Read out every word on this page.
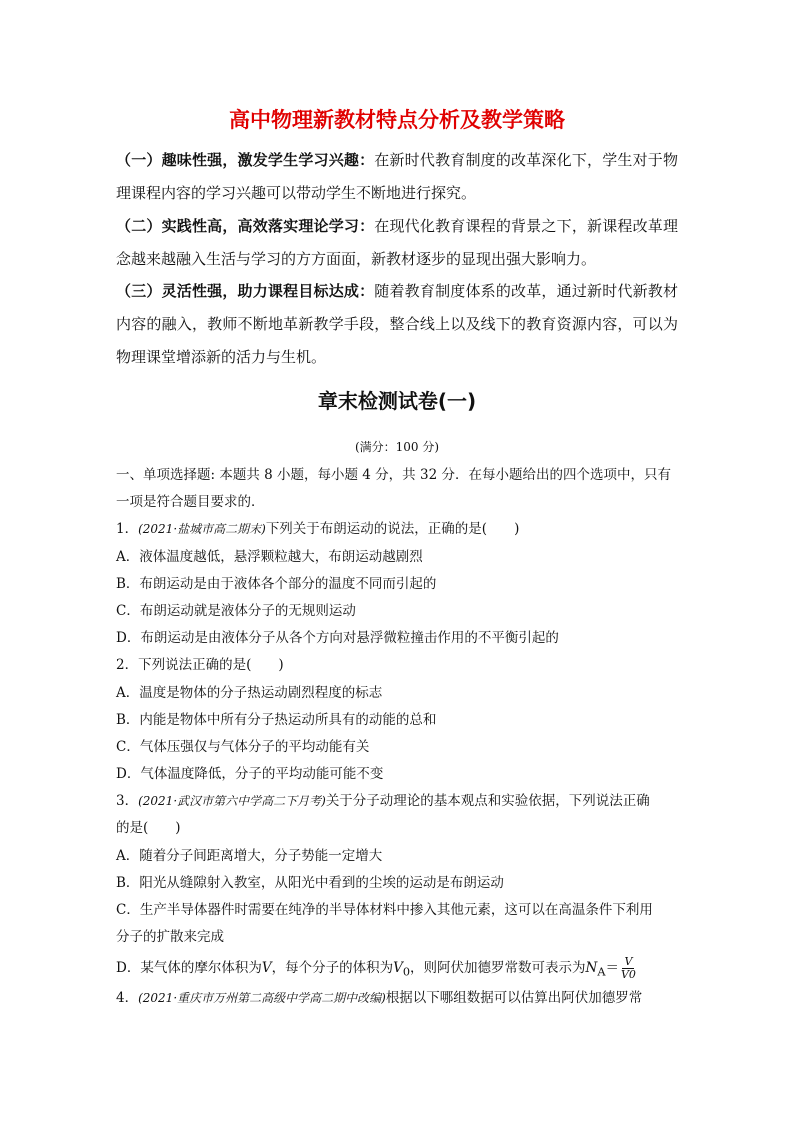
高中物理新教材特点分析及教学策略
（一）趣味性强，激发学生学习兴趣：在新时代教育制度的改革深化下，学生对于物理课程内容的学习兴趣可以带动学生不断地进行探究。
（二）实践性高，高效落实理论学习：在现代化教育课程的背景之下，新课程改革理念越来越融入生活与学习的方方面面，新教材逐步的显现出强大影响力。
（三）灵活性强，助力课程目标达成：随着教育制度体系的改革，通过新时代新教材内容的融入，教师不断地革新教学手段，整合线上以及线下的教育资源内容，可以为物理课堂增添新的活力与生机。
章末检测试卷(一)
(满分：100 分)
一、单项选择题: 本题共 8 小题，每小题 4 分，共 32 分．在每小题给出的四个选项中，只有
一项是符合题目要求的．
1．(2021·盐城市高二期末)下列关于布朗运动的说法，正确的是(　　)
A．液体温度越低，悬浮颗粒越大，布朗运动越剧烈
B．布朗运动是由于液体各个部分的温度不同而引起的
C．布朗运动就是液体分子的无规则运动
D．布朗运动是由液体分子从各个方向对悬浮微粒撞击作用的不平衡引起的
2．下列说法正确的是(　　)
A．温度是物体的分子热运动剧烈程度的标志
B．内能是物体中所有分子热运动所具有的动能的总和
C．气体压强仅与气体分子的平均动能有关
D．气体温度降低，分子的平均动能可能不变
3．(2021·武汉市第六中学高二下月考)关于分子动理论的基本观点和实验依据，下列说法正确
的是(　　)
A．随着分子间距离增大，分子势能一定增大
B．阳光从缝隙射入教室，从阳光中看到的尘埃的运动是布朗运动
C．生产半导体器件时需要在纯净的半导体材料中掺入其他元素，这可以在高温条件下利用
分子的扩散来完成
D．某气体的摩尔体积为V，每个分子的体积为$V_0$，则阿伏加德罗常数可表示为$N_A= \frac{V}{V0}$
4．(2021·重庆市万州第二高级中学高二期中改编)根据以下哪组数据可以估算出阿伏加德罗常
